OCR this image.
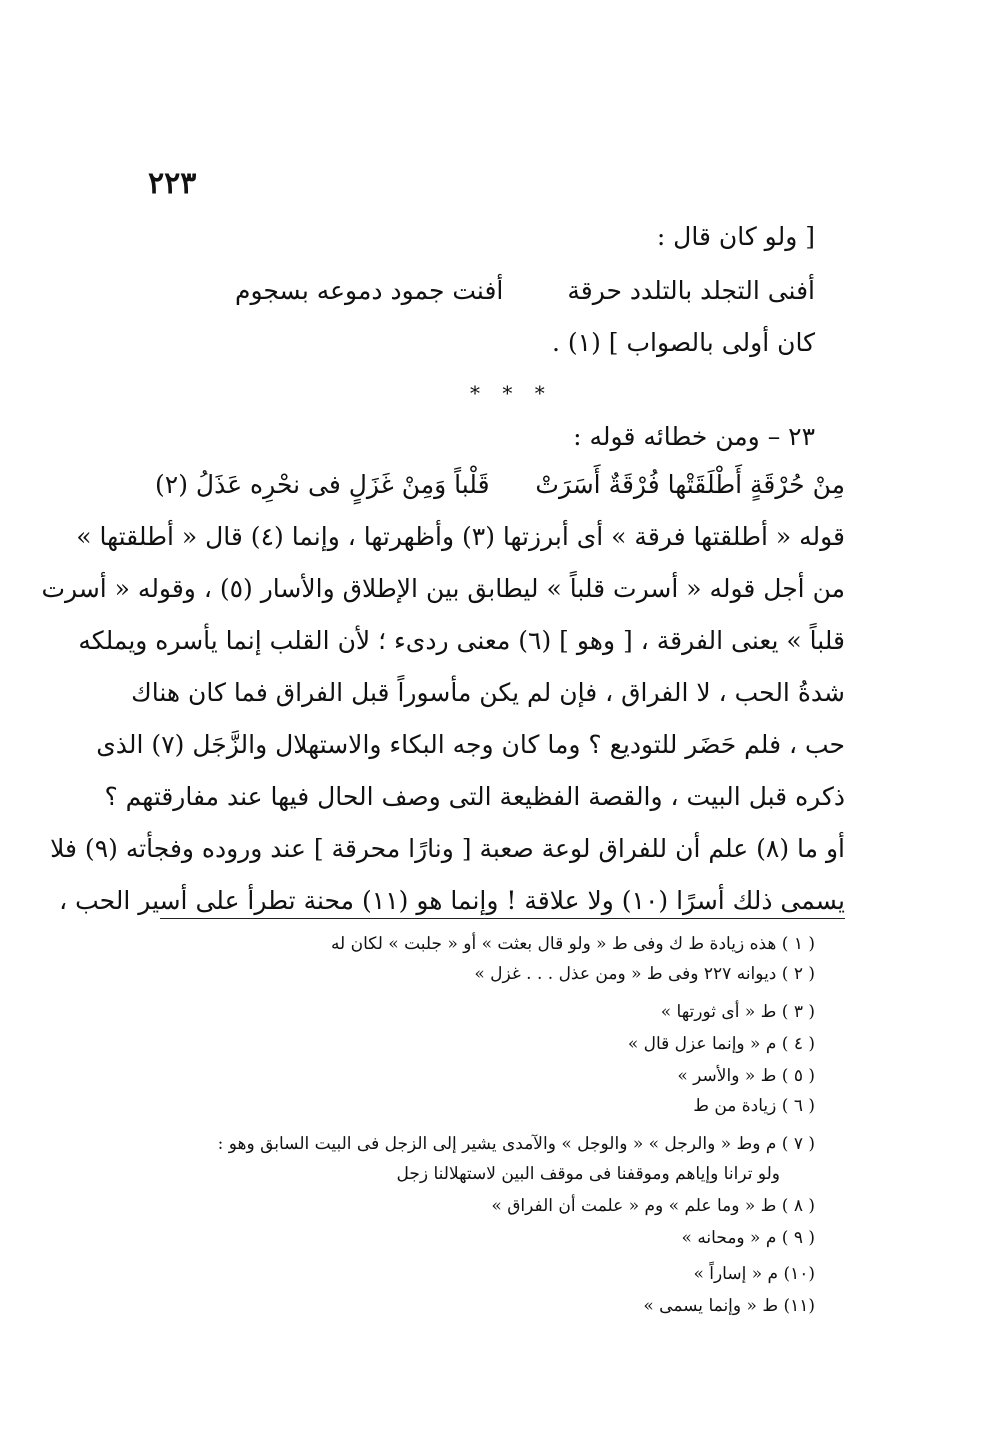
٢٢٣
[ ولو كان قال :
أفنى التجلد بالتلدد حرقة
أفنت جمود دموعه بسجوم
كان أولى بالصواب ] (١) .
* * *
٢٣ – ومن خطائه قوله :
مِنْ حُرْقَةٍ أَطْلَقَتْها فُرْقَةٌ أَسَرَتْ
قَلْباً وَمِنْ غَزَلٍ فى نحْرِه عَذَلُ (٢)
قوله « أطلقتها فرقة » أى أبرزتها (٣) وأظهرتها ، وإنما (٤) قال « أطلقتها »
من أجل قوله « أسرت قلباً » ليطابق بين الإطلاق والأسار (٥) ، وقوله « أسرت
قلباً » يعنى الفرقة ، [ وهو ] (٦) معنى ردىء ؛ لأن القلب إنما يأسره ويملكه
شدةُ الحب ، لا الفراق ، فإن لم يكن مأسوراً قبل الفراق فما كان هناك
حب ، فلم حَضَر للتوديع ؟ وما كان وجه البكاء والاستهلال والزَّجَل (٧) الذى
ذكره قبل البيت ، والقصة الفظيعة التى وصف الحال فيها عند مفارقتهم ؟
أو ما (٨) علم أن للفراق لوعة صعبة [ ونارًا محرقة ] عند وروده وفجأته (٩) فلا
يسمى ذلك أسرًا (١٠) ولا علاقة ! وإنما هو (١١) محنة تطرأ على أسير الحب ،
( ١ ) هذه زيادة ط ك وفى ط « ولو قال بعثت » أو « جلبت » لكان له
( ٢ ) ديوانه ٢٢٧ وفى ط « ومن عذل . . . غزل »
( ٣ ) ط « أى ثورتها »
( ٤ ) م « وإنما عزل قال »
( ٥ ) ط « والأسر »
( ٦ ) زيادة من ط
( ٧ ) م وط « والرجل » « والوجل » والآمدى يشير إلى الزجل فى البيت السابق وهو :
ولو ترانا وإياهم وموقفنا فى موقف البين لاستهلالنا زجل
( ٨ ) ط « وما علم » وم « علمت أن الفراق »
( ٩ ) م « ومحانه »
(١٠) م « إساراً »
(١١) ط « وإنما يسمى »
